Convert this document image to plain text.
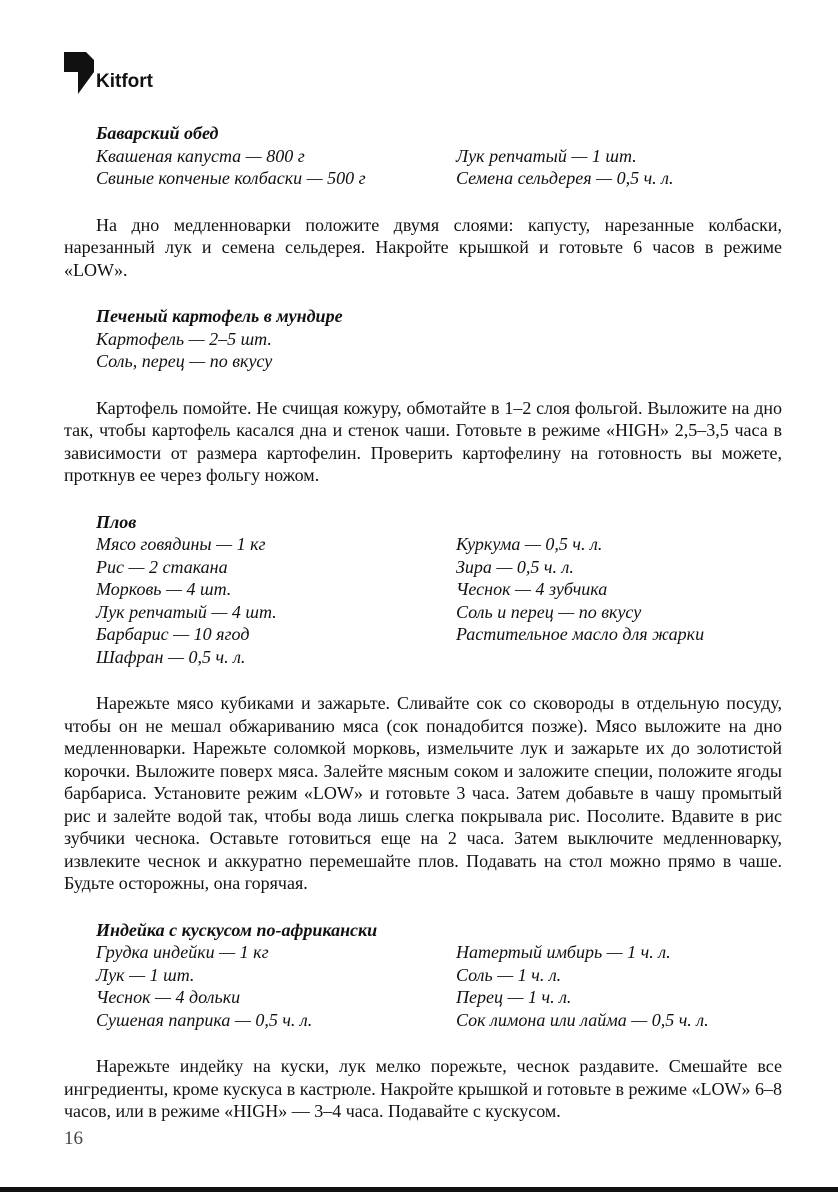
Kitfort
Баварский обед
Квашеная капуста — 800 г	Лук репчатый — 1 шт.
Свиные копченые колбаски — 500 г	Семена сельдерея — 0,5 ч. л.

На дно медленноварки положите двумя слоями: капусту, нарезанные колбаски, нарезанный лук и семена сельдерея. Накройте крышкой и готовьте 6 часов в режиме «LOW».

Печеный картофель в мундире
Картофель — 2–5 шт.
Соль, перец — по вкусу

Картофель помойте. Не счищая кожуру, обмотайте в 1–2 слоя фольгой. Выложите на дно так, чтобы картофель касался дна и стенок чаши. Готовьте в режиме «HIGH» 2,5–3,5 часа в зависимости от размера картофелин. Проверить картофелину на готовность вы можете, проткнув ее через фольгу ножом.

Плов
Мясо говядины — 1 кг	Куркума — 0,5 ч. л.
Рис — 2 стакана	Зира — 0,5 ч. л.
Морковь — 4 шт.	Чеснок — 4 зубчика
Лук репчатый — 4 шт.	Соль и перец — по вкусу
Барбарис — 10 ягод	Растительное масло для жарки
Шафран — 0,5 ч. л.

Нарежьте мясо кубиками и зажарьте. Сливайте сок со сковороды в отдельную посуду, чтобы он не мешал обжариванию мяса (сок понадобится позже). Мясо выложите на дно медленноварки. Нарежьте соломкой морковь, измельчите лук и зажарьте их до золотистой корочки. Выложите поверх мяса. Залейте мясным соком и заложите специи, положите ягоды барбариса. Установите режим «LOW» и готовьте 3 часа. Затем добавьте в чашу промытый рис и залейте водой так, чтобы вода лишь слегка покрывала рис. Посолите. Вдавите в рис зубчики чеснока. Оставьте готовиться еще на 2 часа. Затем выключите медленноварку, извлеките чеснок и аккуратно перемешайте плов. Подавать на стол можно прямо в чаше. Будьте осторожны, она горячая.

Индейка с кускусом по-африкански
Грудка индейки — 1 кг	Натертый имбирь — 1 ч. л.
Лук — 1 шт.	Соль — 1 ч. л.
Чеснок — 4 дольки	Перец — 1 ч. л.
Сушеная паприка — 0,5 ч. л.	Сок лимона или лайма — 0,5 ч. л.

Нарежьте индейку на куски, лук мелко порежьте, чеснок раздавите. Смешайте все ингредиенты, кроме кускуса в кастрюле. Накройте крышкой и готовьте в режиме «LOW» 6–8 часов, или в режиме «HIGH» — 3–4 часа. Подавайте с кускусом.

16
